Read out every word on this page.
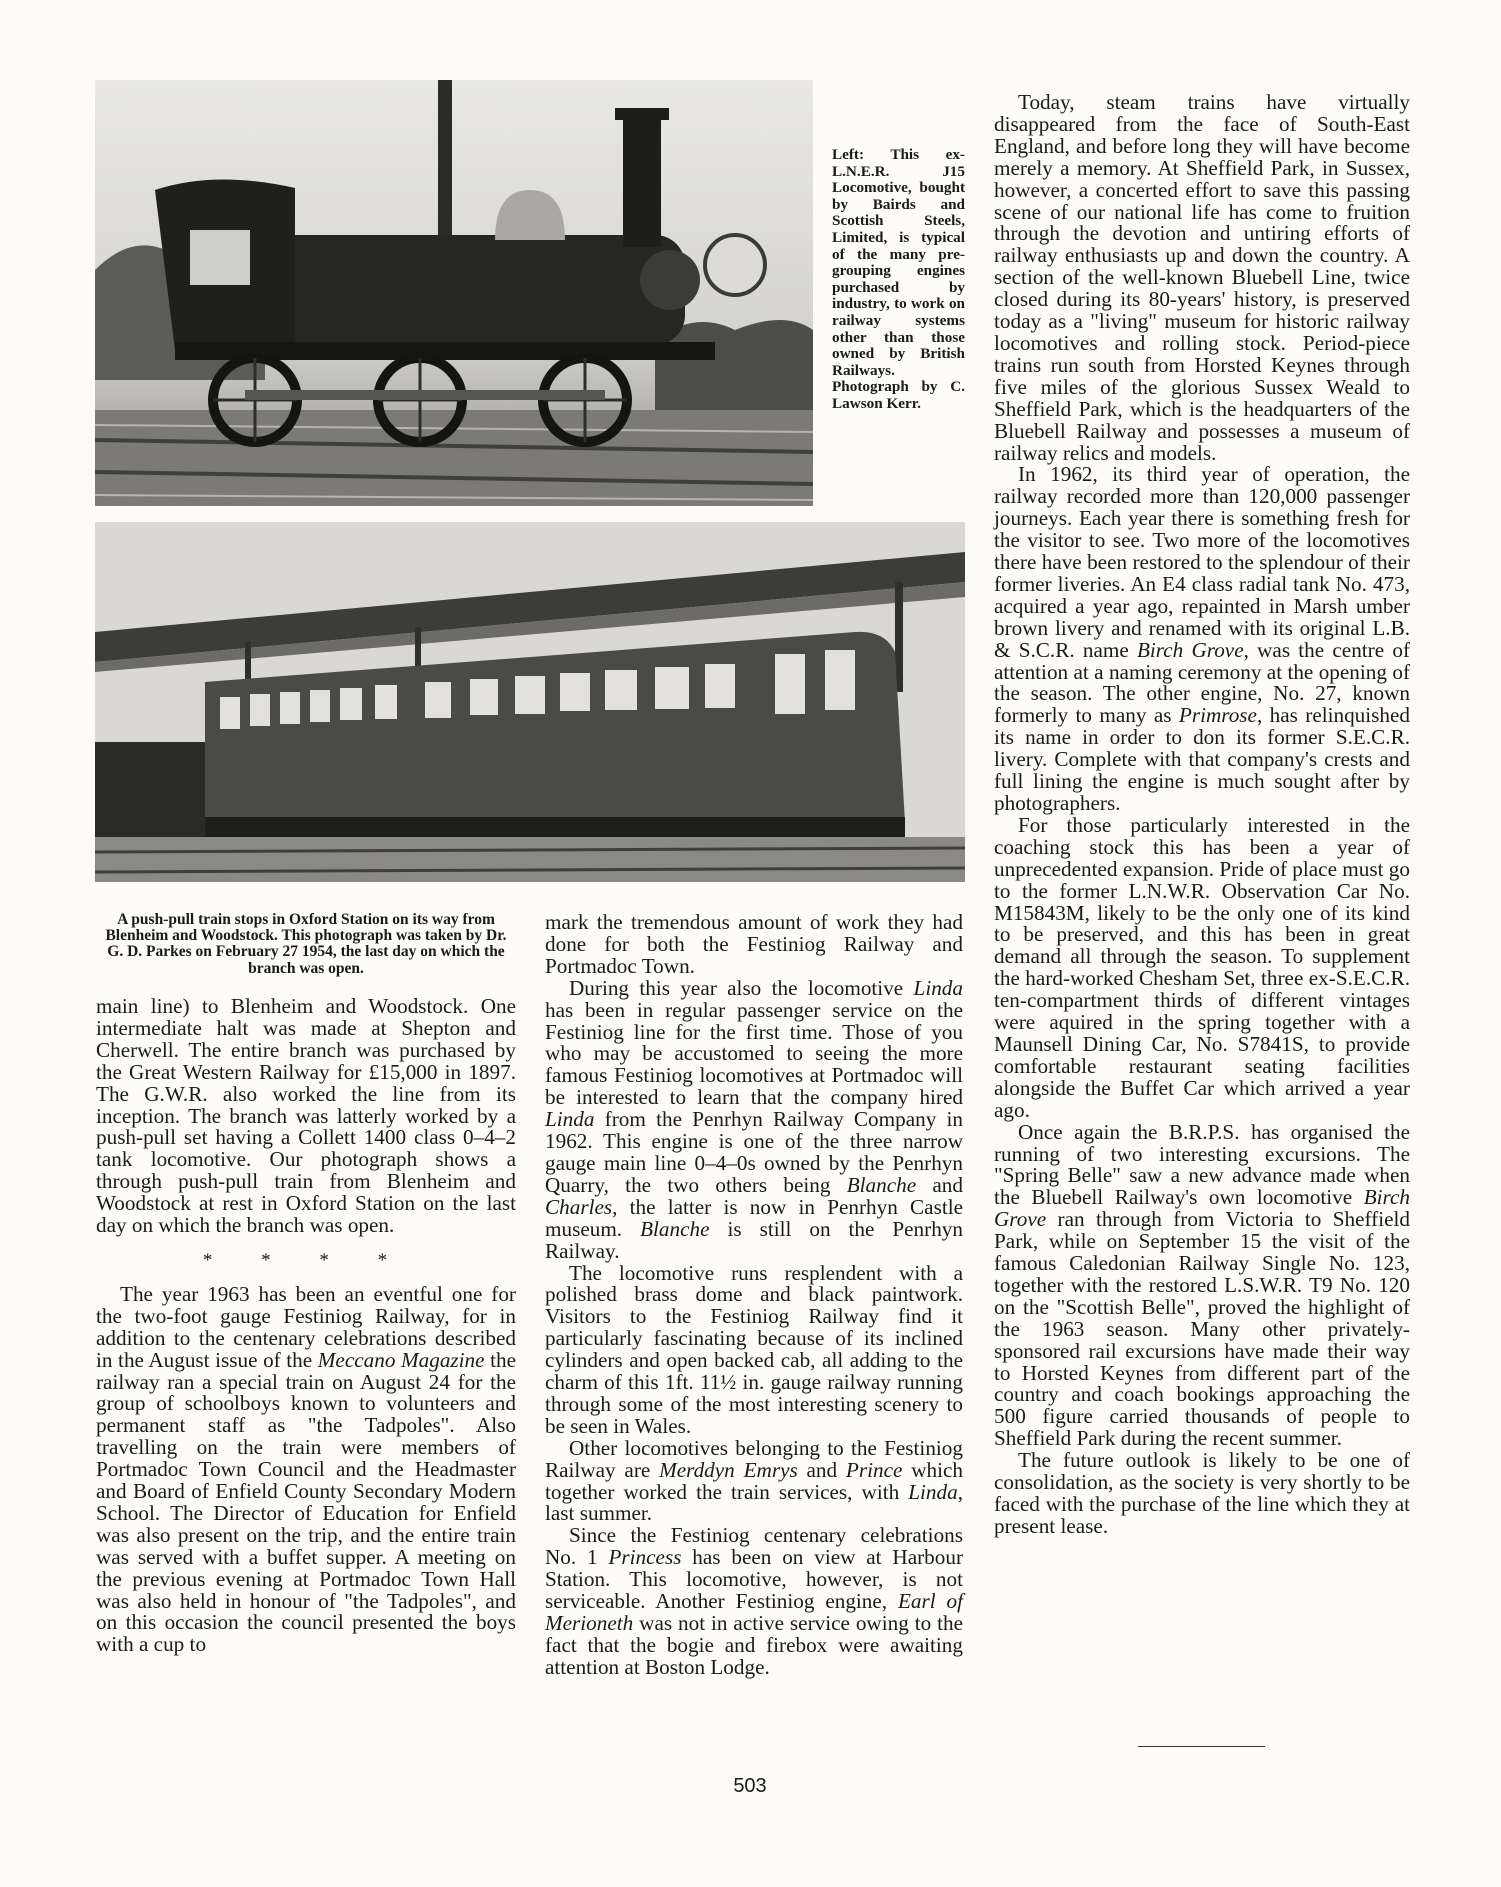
Left: This ex-L.N.E.R. J15 Locomotive, bought by Bairds and Scottish Steels, Limited, is typical of the many pre-grouping engines purchased by industry, to work on railway systems other than those owned by British Railways. Photograph by C. Lawson Kerr.
A push-pull train stops in Oxford Station on its way from Blenheim and Woodstock. This photograph was taken by Dr. G. D. Parkes on February 27 1954, the last day on which the branch was open.

main line) to Blenheim and Woodstock. One intermediate halt was made at Shepton and Cherwell. The entire branch was purchased by the Great Western Railway for £15,000 in 1897. The G.W.R. also worked the line from its inception. The branch was latterly worked by a push-pull set having a Collett 1400 class 0–4–2 tank locomotive. Our photograph shows a through push-pull train from Blenheim and Woodstock at rest in Oxford Station on the last day on which the branch was open.

* * * *

The year 1963 has been an eventful one for the two-foot gauge Festiniog Railway, for in addition to the centenary celebrations described in the August issue of the Meccano Magazine the railway ran a special train on August 24 for the group of schoolboys known to volunteers and permanent staff as "the Tadpoles". Also travelling on the train were members of Portmadoc Town Council and the Headmaster and Board of Enfield County Secondary Modern School. The Director of Education for Enfield was also present on the trip, and the entire train was served with a buffet supper. A meeting on the previous evening at Portmadoc Town Hall was also held in honour of "the Tadpoles", and on this occasion the council presented the boys with a cup to

mark the tremendous amount of work they had done for both the Festiniog Railway and Portmadoc Town.

During this year also the locomotive Linda has been in regular passenger service on the Festiniog line for the first time. Those of you who may be accustomed to seeing the more famous Festiniog locomotives at Portmadoc will be interested to learn that the company hired Linda from the Penrhyn Railway Company in 1962. This engine is one of the three narrow gauge main line 0–4–0s owned by the Penrhyn Quarry, the two others being Blanche and Charles, the latter is now in Penrhyn Castle museum. Blanche is still on the Penrhyn Railway.

The locomotive runs resplendent with a polished brass dome and black paintwork. Visitors to the Festiniog Railway find it particularly fascinating because of its inclined cylinders and open backed cab, all adding to the charm of this 1ft. 11½ in. gauge railway running through some of the most interesting scenery to be seen in Wales.

Other locomotives belonging to the Festiniog Railway are Merddyn Emrys and Prince which together worked the train services, with Linda, last summer.

Since the Festiniog centenary celebrations No. 1 Princess has been on view at Harbour Station. This locomotive, however, is not serviceable. Another Festiniog engine, Earl of Merioneth was not in active service owing to the fact that the bogie and firebox were awaiting attention at Boston Lodge.

Today, steam trains have virtually disappeared from the face of South-East England, and before long they will have become merely a memory. At Sheffield Park, in Sussex, however, a concerted effort to save this passing scene of our national life has come to fruition through the devotion and untiring efforts of railway enthusiasts up and down the country. A section of the well-known Bluebell Line, twice closed during its 80-years' history, is preserved today as a "living" museum for historic railway locomotives and rolling stock. Period-piece trains run south from Horsted Keynes through five miles of the glorious Sussex Weald to Sheffield Park, which is the headquarters of the Bluebell Railway and possesses a museum of railway relics and models.

In 1962, its third year of operation, the railway recorded more than 120,000 passenger journeys. Each year there is something fresh for the visitor to see. Two more of the locomotives there have been restored to the splendour of their former liveries. An E4 class radial tank No. 473, acquired a year ago, repainted in Marsh umber brown livery and renamed with its original L.B. & S.C.R. name Birch Grove, was the centre of attention at a naming ceremony at the opening of the season. The other engine, No. 27, known formerly to many as Primrose, has relinquished its name in order to don its former S.E.C.R. livery. Complete with that company's crests and full lining the engine is much sought after by photographers.

For those particularly interested in the coaching stock this has been a year of unprecedented expansion. Pride of place must go to the former L.N.W.R. Observation Car No. M15843M, likely to be the only one of its kind to be preserved, and this has been in great demand all through the season. To supplement the hard-worked Chesham Set, three ex-S.E.C.R. ten-compartment thirds of different vintages were aquired in the spring together with a Maunsell Dining Car, No. S7841S, to provide comfortable restaurant seating facilities alongside the Buffet Car which arrived a year ago.

Once again the B.R.P.S. has organised the running of two interesting excursions. The "Spring Belle" saw a new advance made when the Bluebell Railway's own locomotive Birch Grove ran through from Victoria to Sheffield Park, while on September 15 the visit of the famous Caledonian Railway Single No. 123, together with the restored L.S.W.R. T9 No. 120 on the "Scottish Belle", proved the highlight of the 1963 season. Many other privately-sponsored rail excursions have made their way to Horsted Keynes from different part of the country and coach bookings approaching the 500 figure carried thousands of people to Sheffield Park during the recent summer.

The future outlook is likely to be one of consolidation, as the society is very shortly to be faced with the purchase of the line which they at present lease.

503
